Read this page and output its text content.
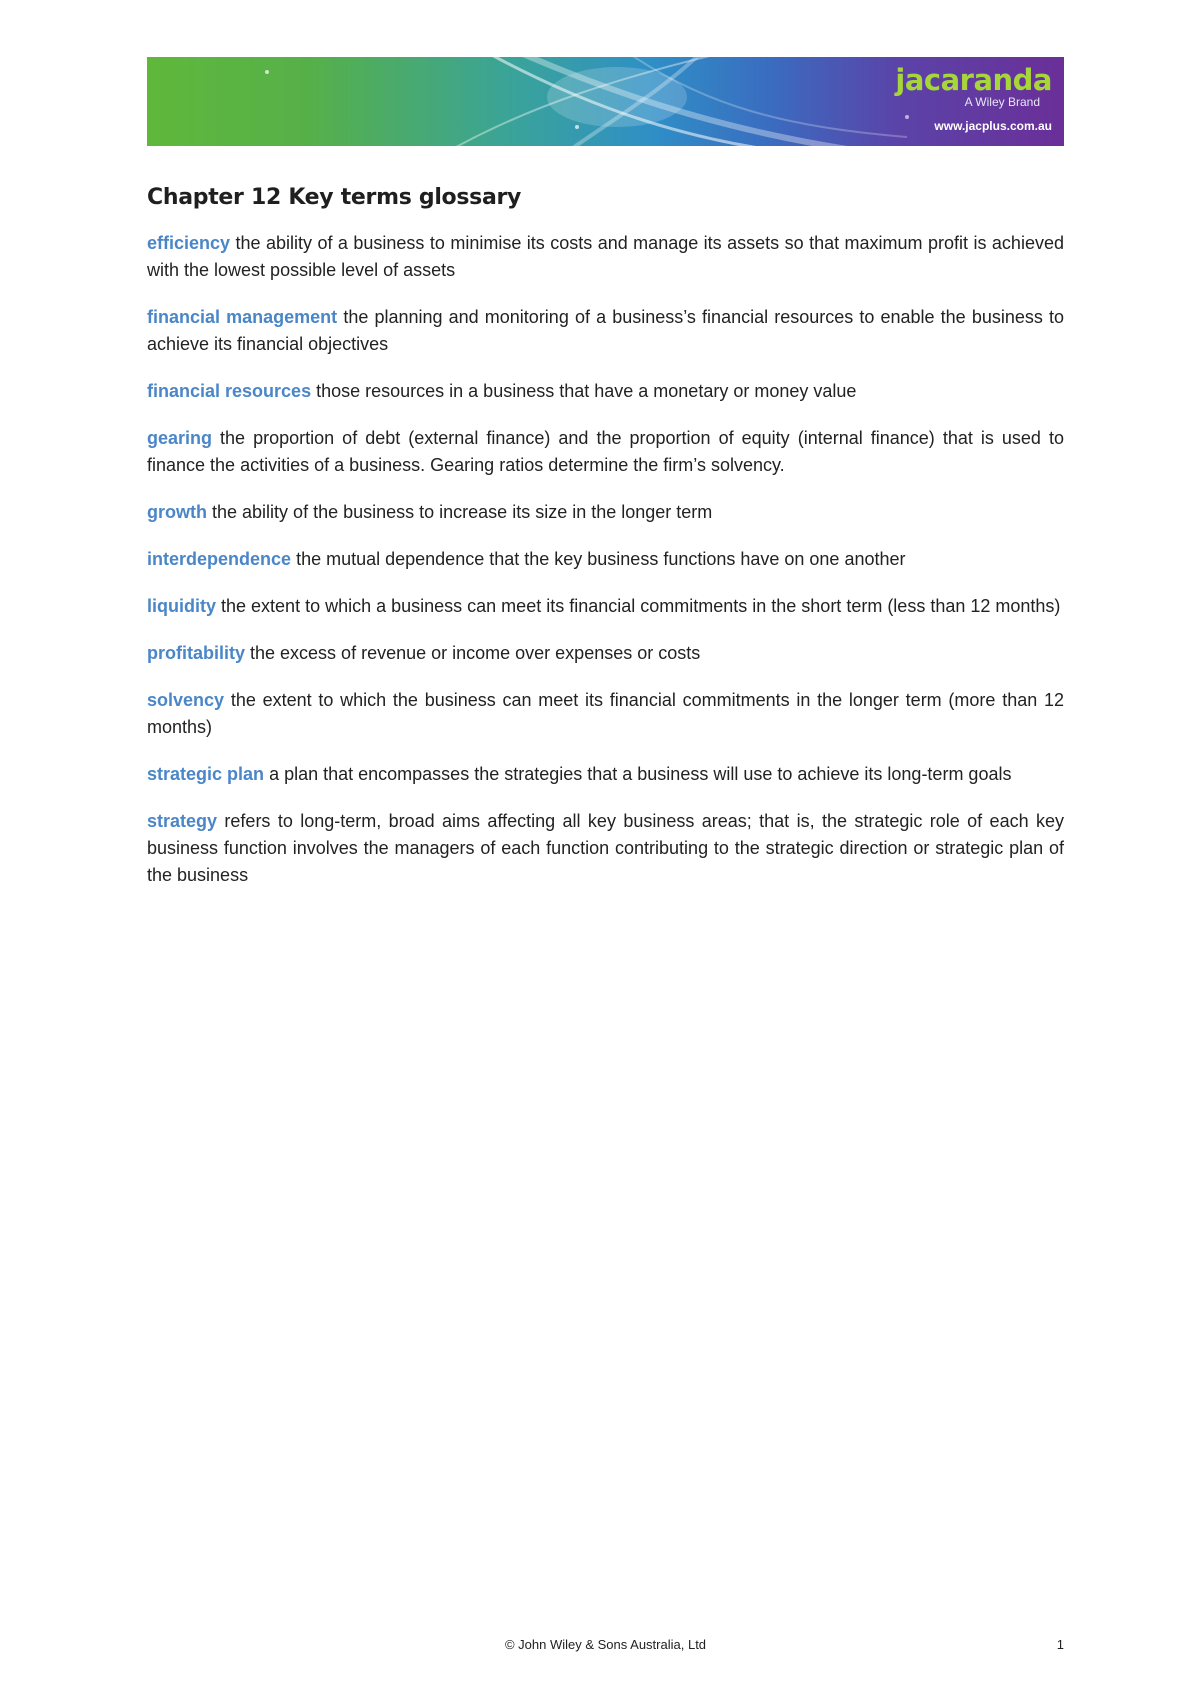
jacaranda
A Wiley Brand
www.jacplus.com.au
Chapter 12 Key terms glossary

efficiency the ability of a business to minimise its costs and manage its assets so that maximum profit is achieved with the lowest possible level of assets

financial management the planning and monitoring of a business’s financial resources to enable the business to achieve its financial objectives

financial resources those resources in a business that have a monetary or money value

gearing the proportion of debt (external finance) and the proportion of equity (internal finance) that is used to finance the activities of a business. Gearing ratios determine the firm’s solvency.

growth the ability of the business to increase its size in the longer term

interdependence the mutual dependence that the key business functions have on one another

liquidity the extent to which a business can meet its financial commitments in the short term (less than 12 months)

profitability the excess of revenue or income over expenses or costs

solvency the extent to which the business can meet its financial commitments in the longer term (more than 12 months)

strategic plan a plan that encompasses the strategies that a business will use to achieve its long-term goals

strategy refers to long-term, broad aims affecting all key business areas; that is, the strategic role of each key business function involves the managers of each function contributing to the strategic direction or strategic plan of the business

© John Wiley & Sons Australia, Ltd	1
